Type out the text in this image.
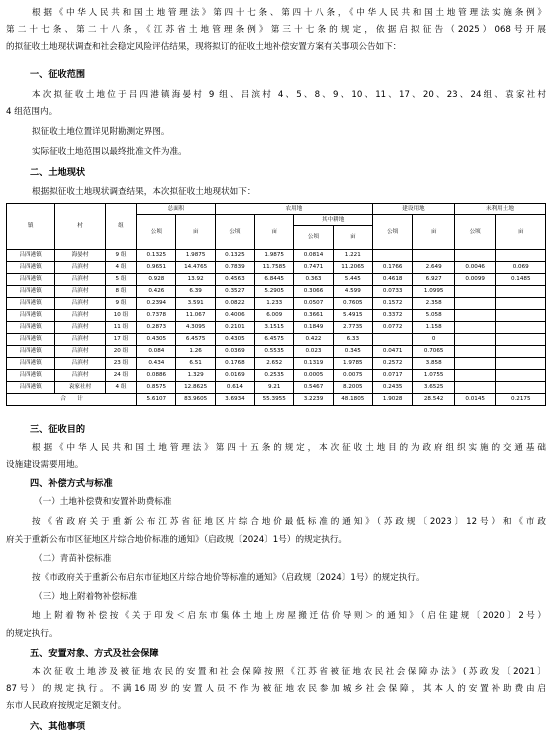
根据《中华人民共和国土地管理法》第四十七条、第四十八条，《中华人民共和国土地管理法实施条例》
第二十七条、第二十八条，《江苏省土地管理条例》第三十七条的规定，依据启拟征告（2025）068号开展
的拟征收土地现状调查和社会稳定风险评估结果，现将拟订的征收土地补偿安置方案有关事项公告如下：
一、征收范围
本次拟征收土地位于吕四港镇海晏村 9 组、吕滨村 4、5、8、9、10、11、17、20、23、24组、袁家社村
4 组范围内。
拟征收土地位置详见附勘测定界图。
实际征收土地范围以最终批准文件为准。
二、土地现状
根据拟征收土地现状调查结果，本次拟征收土地现状如下：
镇	村	组	总面积		农用地				建设用地		未利用土地	
			公顷	亩	公顷	亩	其中耕地		公顷	亩	公顷	亩
							公顷	亩				
吕四港镇	海晏村	9 组	0.1325	1.9875	0.1325	1.9875	0.0814	1.221				
吕四港镇	吕滨村	4 组	0.9651	14.4765	0.7839	11.7585	0.7471	11.2065	0.1766	2.649	0.0046	0.069
吕四港镇	吕滨村	5 组	0.928	13.92	0.4563	6.8445	0.363	5.445	0.4618	6.927	0.0099	0.1485
吕四港镇	吕滨村	8 组	0.426	6.39	0.3527	5.2905	0.3066	4.599	0.0733	1.0995		
吕四港镇	吕滨村	9 组	0.2394	3.591	0.0822	1.233	0.0507	0.7605	0.1572	2.358		
吕四港镇	吕滨村	10 组	0.7378	11.067	0.4006	6.009	0.3661	5.4915	0.3372	5.058		
吕四港镇	吕滨村	11 组	0.2873	4.3095	0.2101	3.1515	0.1849	2.7735	0.0772	1.158		
吕四港镇	吕滨村	17 组	0.4305	6.4575	0.4305	6.4575	0.422	6.33		0		
吕四港镇	吕滨村	20 组	0.084	1.26	0.0369	0.5535	0.023	0.345	0.0471	0.7065		
吕四港镇	吕滨村	23 组	0.434	6.51	0.1768	2.652	0.1319	1.9785	0.2572	3.858		
吕四港镇	吕滨村	24 组	0.0886	1.329	0.0169	0.2535	0.0005	0.0075	0.0717	1.0755		
吕四港镇	袁家社村	4 组	0.8575	12.8625	0.614	9.21	0.5467	8.2005	0.2435	3.6525		
合　　计			5.6107	83.9605	3.6934	55.3955	3.2239	48.1805	1.9028	28.542	0.0145	0.2175
三、征收目的
根据《中华人民共和国土地管理法》第四十五条的规定，本次征收土地目的为政府组织实施的交通基础
设施建设需要用地。
四、补偿方式与标准
（一）土地补偿费和安置补助费标准
按《省政府关于重新公布江苏省征地区片综合地价最低标准的通知》（苏政规〔2023〕12号）和《市政
府关于重新公布市区征地区片综合地价标准的通知》（启政规〔2024〕1号）的规定执行。
（二）青苗补偿标准
按《市政府关于重新公布启东市征地区片综合地价等标准的通知》（启政规〔2024〕1号）的规定执行。
（三）地上附着物补偿标准
地上附着物补偿按《关于印发＜启东市集体土地上房屋搬迁估价导则＞的通知》（启住建规〔2020〕2号）
的规定执行。
五、安置对象、方式及社会保障
本次征收土地涉及被征地农民的安置和社会保障按照《江苏省被征地农民社会保障办法》(苏政发〔2021〕
87号）的规定执行。不满16周岁的安置人员不作为被征地农民参加城乡社会保障，其本人的安置补助费由启
东市人民政府按规定足额支付。
六、其他事项
